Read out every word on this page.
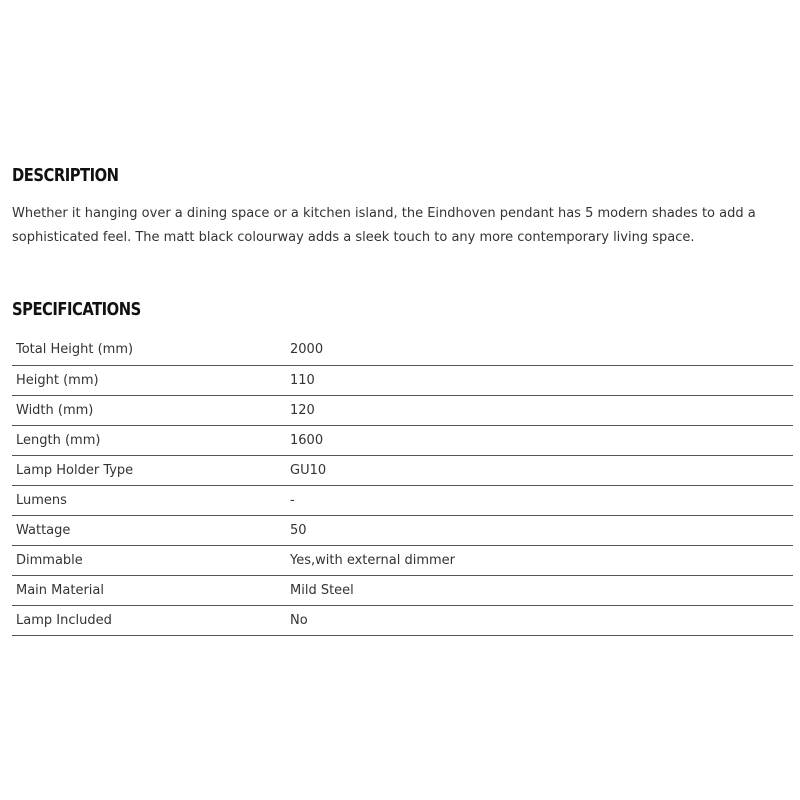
DESCRIPTION

Whether it hanging over a dining space or a kitchen island, the Eindhoven pendant has 5 modern shades to add a sophisticated feel. The matt black colourway adds a sleek touch to any more contemporary living space.

SPECIFICATIONS
Total Height (mm)	2000
Height (mm)	110
Width (mm)	120
Length (mm)	1600
Lamp Holder Type	GU10
Lumens	-
Wattage	50
Dimmable	Yes,with external dimmer
Main Material	Mild Steel
Lamp Included	No
